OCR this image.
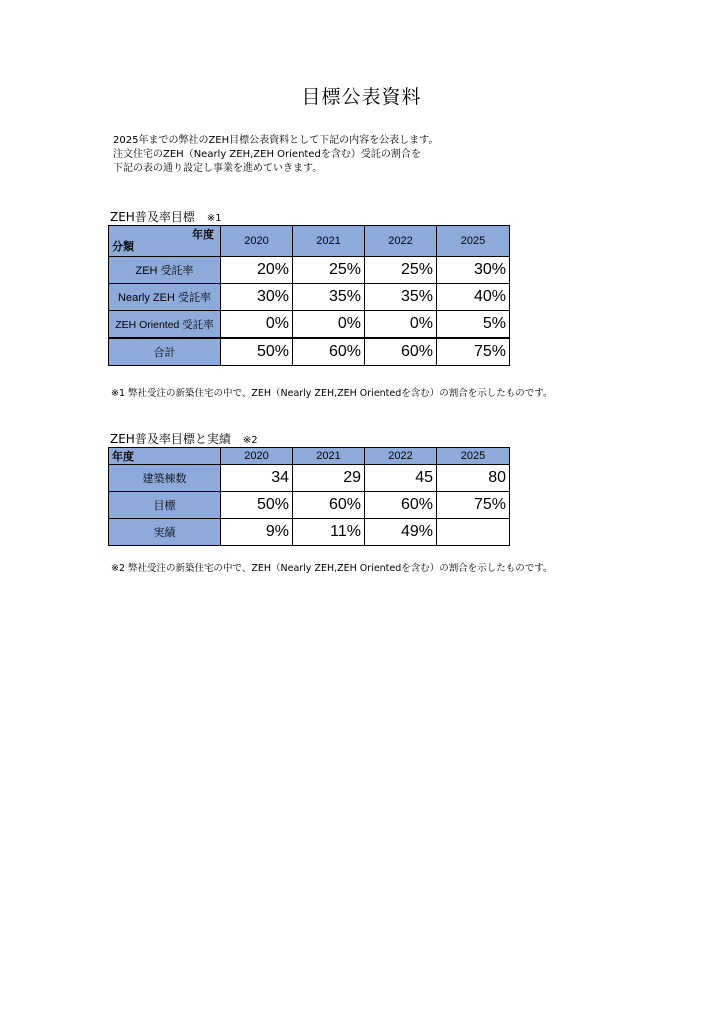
目標公表資料
2025年までの弊社のZEH目標公表資料として下記の内容を公表します。
注文住宅のZEH（Nearly ZEH,ZEH Orientedを含む）受託の割合を
下記の表の通り設定し事業を進めていきます。
ZEH普及率目標 ※1
年度
分類	2020	2021	2022	2025
ZEH 受託率	20%	25%	25%	30%
Nearly ZEH 受託率	30%	35%	35%	40%
ZEH Oriented 受託率	0%	0%	0%	5%
合計	50%	60%	60%	75%
※1 弊社受注の新築住宅の中で、ZEH（Nearly ZEH,ZEH Orientedを含む）の割合を示したものです。
ZEH普及率目標と実績 ※2
年度	2020	2021	2022	2025
建築棟数	34	29	45	80
目標	50%	60%	60%	75%
実績	9%	11%	49%	
※2 弊社受注の新築住宅の中で、ZEH（Nearly ZEH,ZEH Orientedを含む）の割合を示したものです。
